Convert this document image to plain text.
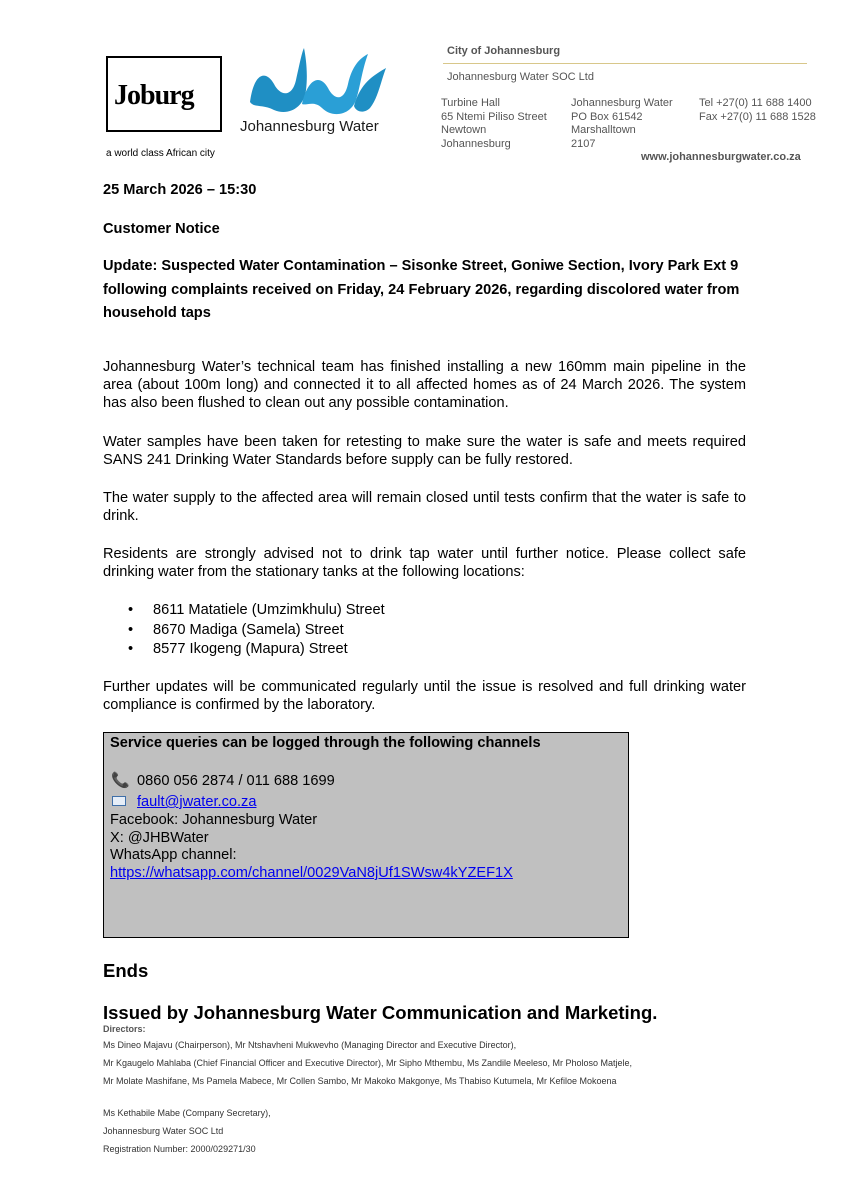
Joburg
a world class African city
Johannesburg Water
City of Johannesburg
Johannesburg Water SOC Ltd
Turbine Hall
65 Ntemi Piliso Street
Newtown
Johannesburg
Johannesburg Water
PO Box 61542
Marshalltown
2107
Tel +27(0) 11 688 1400
Fax +27(0) 11 688 1528
www.johannesburgwater.co.za
25 March 2026 – 15:30
Customer Notice
Update: Suspected Water Contamination – Sisonke Street, Goniwe Section, Ivory Park Ext 9 following complaints received on Friday, 24 February 2026, regarding discolored water from household taps
Johannesburg Water’s technical team has finished installing a new 160mm main pipeline in the area (about 100m long) and connected it to all affected homes as of 24 March 2026. The system has also been flushed to clean out any possible contamination.
Water samples have been taken for retesting to make sure the water is safe and meets required SANS 241 Drinking Water Standards before supply can be fully restored.
The water supply to the affected area will remain closed until tests confirm that the water is safe to drink.
Residents are strongly advised not to drink tap water until further notice. Please collect safe drinking water from the stationary tanks at the following locations:
• 8611 Matatiele (Umzimkhulu) Street
• 8670 Madiga (Samela) Street
• 8577 Ikogeng (Mapura) Street
Further updates will be communicated regularly until the issue is resolved and full drinking water compliance is confirmed by the laboratory.
Service queries can be logged through the following channels
📞 0860 056 2874 / 011 688 1699
fault@jwater.co.za
Facebook: Johannesburg Water
X: @JHBWater
WhatsApp channel:
https://whatsapp.com/channel/0029VaN8jUf1SWsw4kYZEF1X
Ends
Issued by Johannesburg Water Communication and Marketing.
Directors:
Ms Dineo Majavu (Chairperson), Mr Ntshavheni Mukwevho (Managing Director and Executive Director),
Mr Kgaugelo Mahlaba (Chief Financial Officer and Executive Director), Mr Sipho Mthembu, Ms Zandile Meeleso, Mr Pholoso Matjele,
Mr Molate Mashifane, Ms Pamela Mabece, Mr Collen Sambo, Mr Makoko Makgonye, Ms Thabiso Kutumela, Mr Kefiloe Mokoena
Ms Kethabile Mabe (Company Secretary),
Johannesburg Water SOC Ltd
Registration Number: 2000/029271/30
